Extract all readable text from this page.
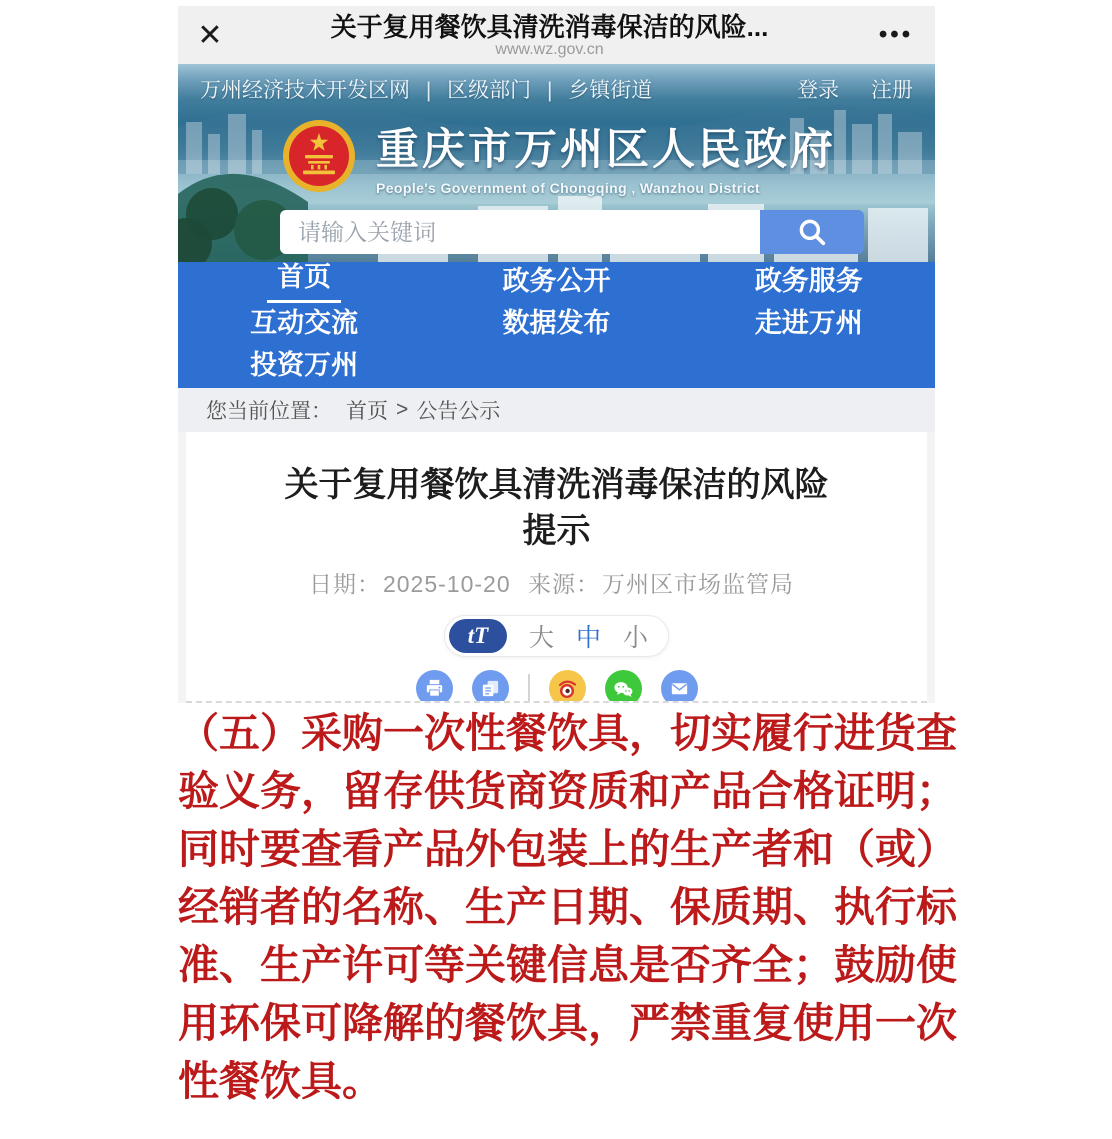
✕	关于复用餐饮具清洗消毒保洁的风险...
www.wz.gov.cn
•••
万州经济技术开发区网 | 区级部门 | 乡镇街道	登录 注册
重庆市万州区人民政府
People's Government of Chongqing , Wanzhou District
请输入关键词
首页	政务公开	政务服务
互动交流	数据发布	走进万州
投资万州
您当前位置： 首页 > 公告公示
关于复用餐饮具清洗消毒保洁的风险提示
日期：2025-10-20 来源：万州区市场监管局
tT	大 中 小
（五）采购一次性餐饮具，切实履行进货查
验义务，留存供货商资质和产品合格证明；
同时要查看产品外包装上的生产者和（或）
经销者的名称、生产日期、保质期、执行标
准、生产许可等关键信息是否齐全；鼓励使
用环保可降解的餐饮具，严禁重复使用一次
性餐饮具。
